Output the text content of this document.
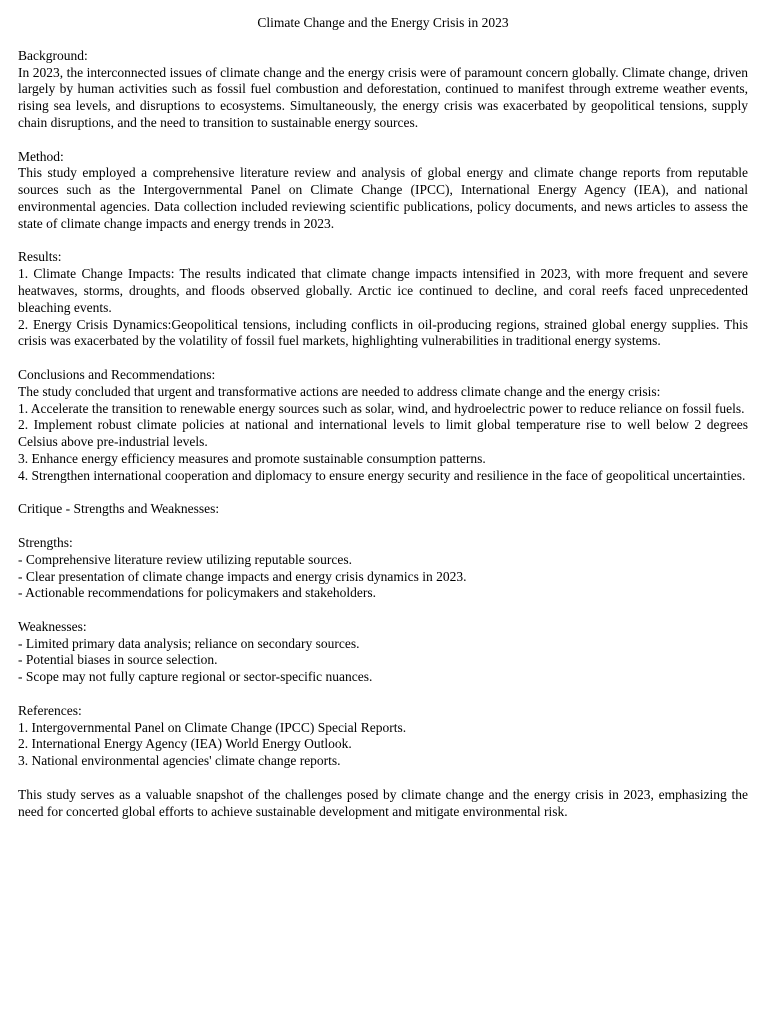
Climate Change and the Energy Crisis in 2023
Background:

In 2023, the interconnected issues of climate change and the energy crisis were of paramount concern globally. Climate change, driven largely by human activities such as fossil fuel combustion and deforestation, continued to manifest through extreme weather events, rising sea levels, and disruptions to ecosystems. Simultaneously, the energy crisis was exacerbated by geopolitical tensions, supply chain disruptions, and the need to transition to sustainable energy sources.

Method:

This study employed a comprehensive literature review and analysis of global energy and climate change reports from reputable sources such as the Intergovernmental Panel on Climate Change (IPCC), International Energy Agency (IEA), and national environmental agencies. Data collection included reviewing scientific publications, policy documents, and news articles to assess the state of climate change impacts and energy trends in 2023.

Results:

1. Climate Change Impacts: The results indicated that climate change impacts intensified in 2023, with more frequent and severe heatwaves, storms, droughts, and floods observed globally. Arctic ice continued to decline, and coral reefs faced unprecedented bleaching events.

2. Energy Crisis Dynamics:Geopolitical tensions, including conflicts in oil-producing regions, strained global energy supplies. This crisis was exacerbated by the volatility of fossil fuel markets, highlighting vulnerabilities in traditional energy systems.

Conclusions and Recommendations:

The study concluded that urgent and transformative actions are needed to address climate change and the energy crisis:

1. Accelerate the transition to renewable energy sources such as solar, wind, and hydroelectric power to reduce reliance on fossil fuels.

2. Implement robust climate policies at national and international levels to limit global temperature rise to well below 2 degrees Celsius above pre-industrial levels.

3. Enhance energy efficiency measures and promote sustainable consumption patterns.

4. Strengthen international cooperation and diplomacy to ensure energy security and resilience in the face of geopolitical uncertainties.

Critique - Strengths and Weaknesses:
Strengths:

- Comprehensive literature review utilizing reputable sources.

- Clear presentation of climate change impacts and energy crisis dynamics in 2023.

- Actionable recommendations for policymakers and stakeholders.

Weaknesses:

- Limited primary data analysis; reliance on secondary sources.

- Potential biases in source selection.

- Scope may not fully capture regional or sector-specific nuances.

References:

1. Intergovernmental Panel on Climate Change (IPCC) Special Reports.

2. International Energy Agency (IEA) World Energy Outlook.

3. National environmental agencies' climate change reports.

This study serves as a valuable snapshot of the challenges posed by climate change and the energy crisis in 2023, emphasizing the need for concerted global efforts to achieve sustainable development and mitigate environmental risk.
